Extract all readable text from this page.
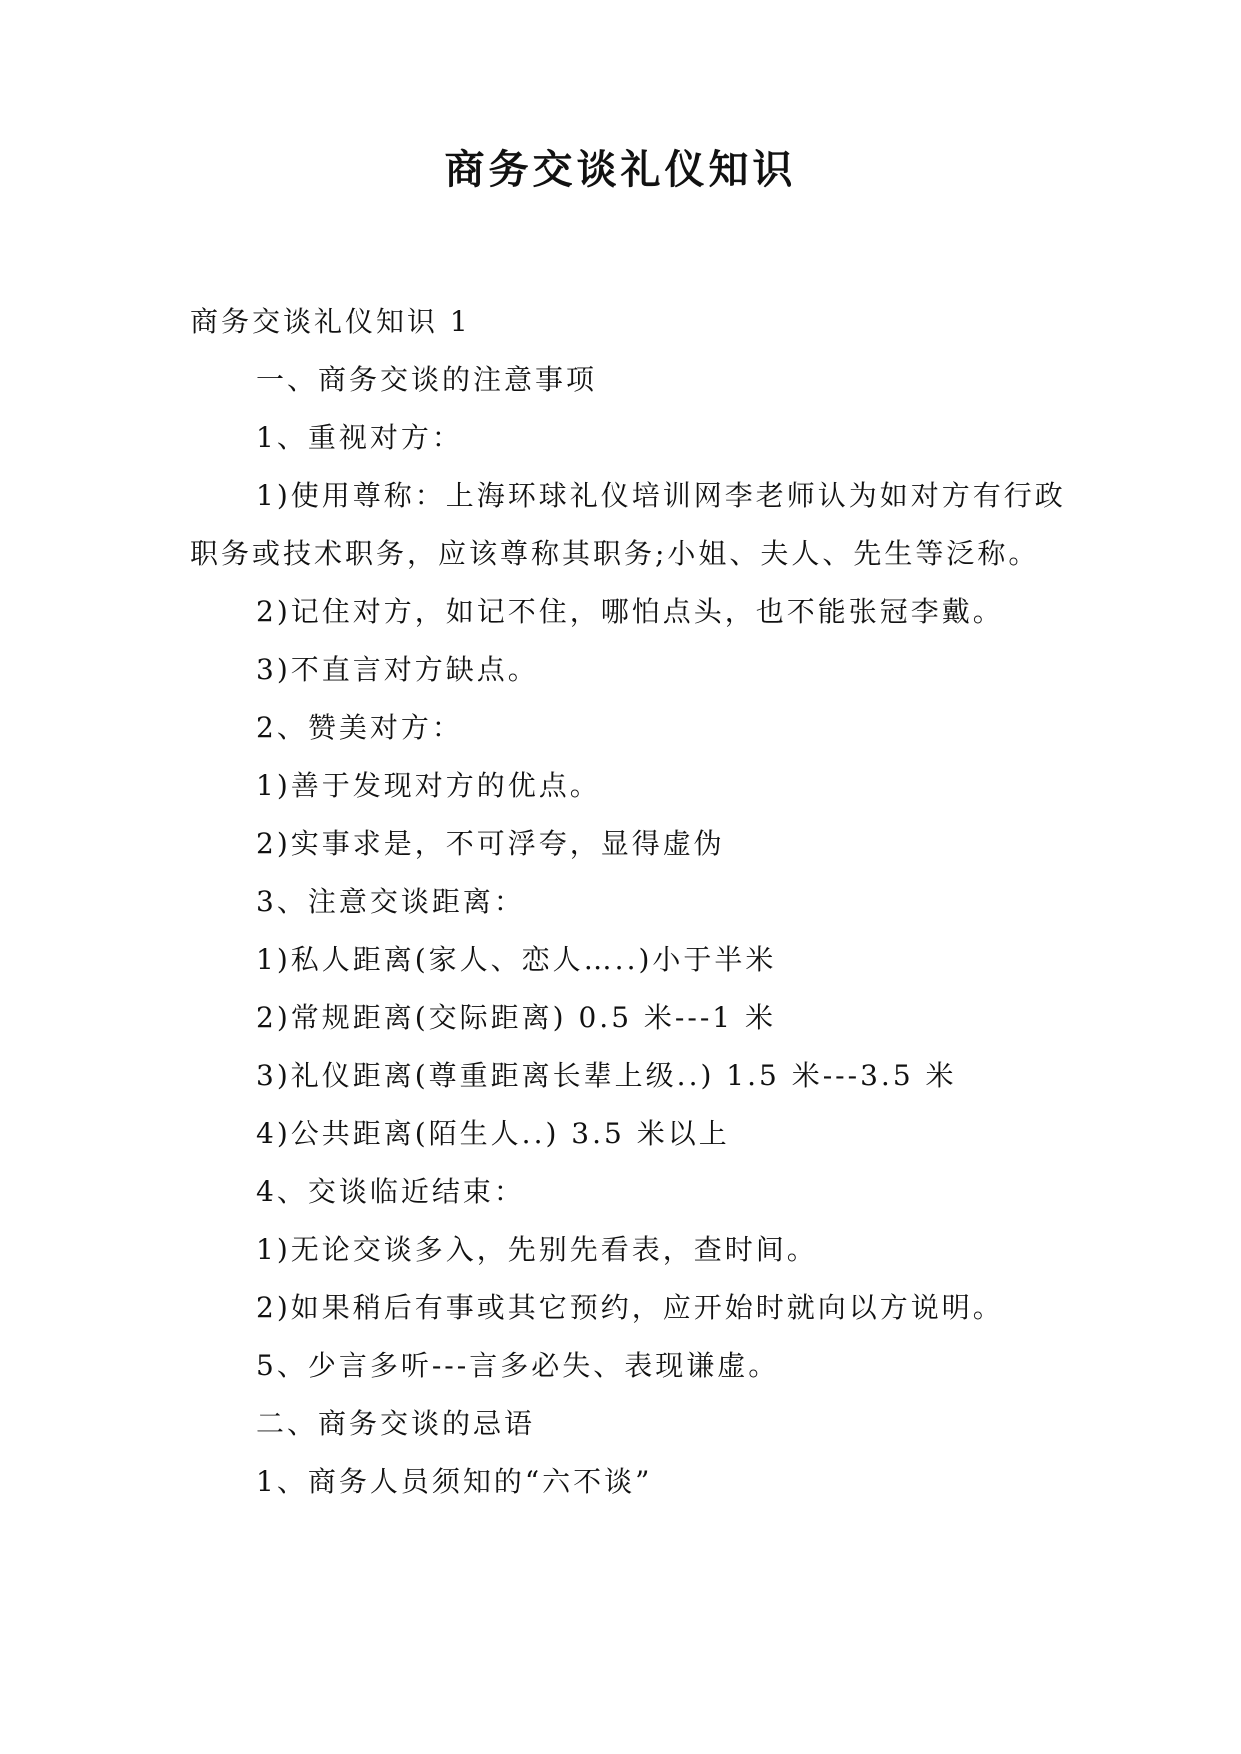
商务交谈礼仪知识

商务交谈礼仪知识 1

一、商务交谈的注意事项

1、重视对方：

1)使用尊称：上海环球礼仪培训网李老师认为如对方有行政职务或技术职务，应该尊称其职务;小姐、夫人、先生等泛称。

2)记住对方，如记不住，哪怕点头，也不能张冠李戴。

3)不直言对方缺点。

2、赞美对方：

1)善于发现对方的优点。

2)实事求是，不可浮夸，显得虚伪

3、注意交谈距离：

1)私人距离(家人、恋人…..)小于半米

2)常规距离(交际距离) 0.5 米---1 米

3)礼仪距离(尊重距离长辈上级..) 1.5 米---3.5 米

4)公共距离(陌生人..) 3.5 米以上

4、交谈临近结束：

1)无论交谈多入，先别先看表，查时间。

2)如果稍后有事或其它预约，应开始时就向以方说明。

5、少言多听---言多必失、表现谦虚。

二、商务交谈的忌语

1、商务人员须知的“六不谈”
